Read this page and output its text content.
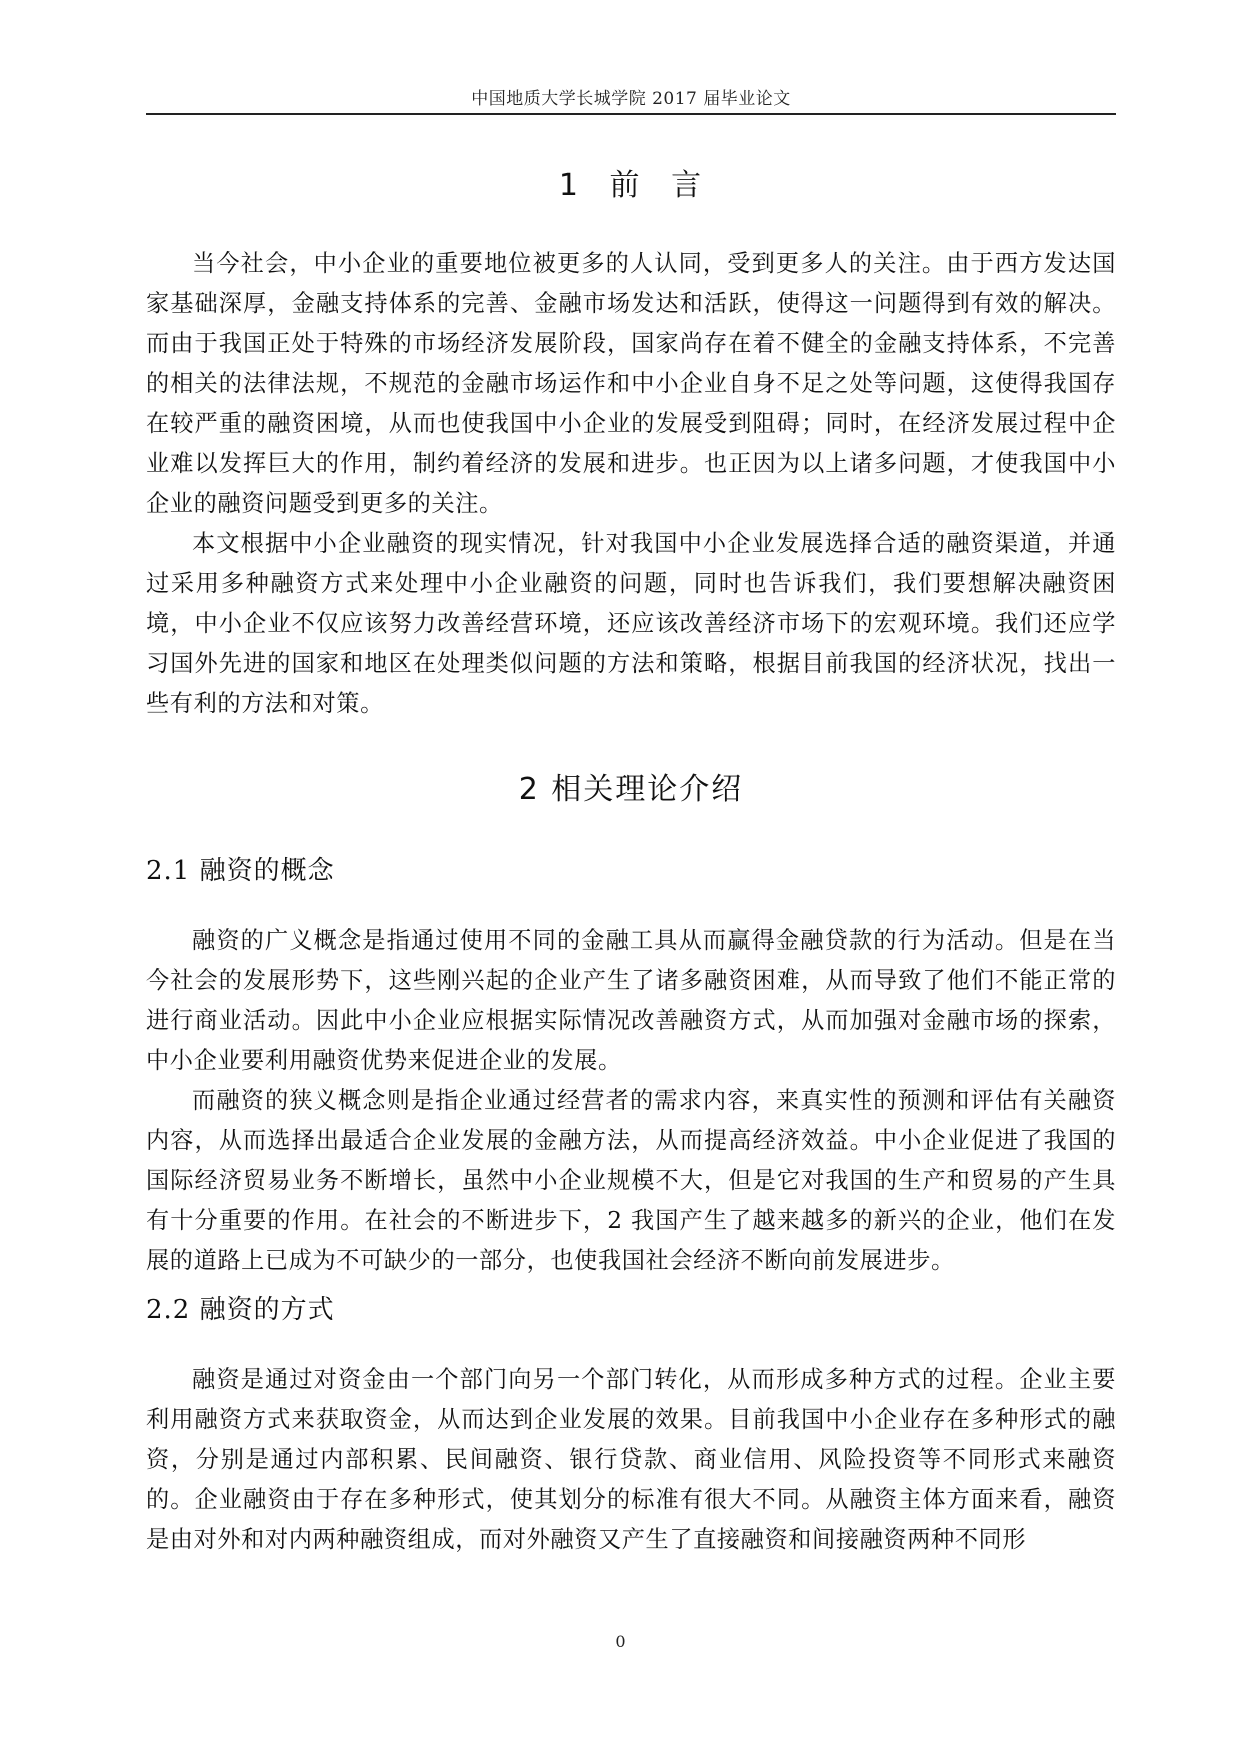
中国地质大学长城学院 2017 届毕业论文
1 前 言

当今社会，中小企业的重要地位被更多的人认同，受到更多人的关注。由于西方发达国家基础深厚，金融支持体系的完善、金融市场发达和活跃，使得这一问题得到有效的解决。而由于我国正处于特殊的市场经济发展阶段，国家尚存在着不健全的金融支持体系，不完善的相关的法律法规，不规范的金融市场运作和中小企业自身不足之处等问题，这使得我国存在较严重的融资困境，从而也使我国中小企业的发展受到阻碍；同时，在经济发展过程中企业难以发挥巨大的作用，制约着经济的发展和进步。也正因为以上诸多问题，才使我国中小企业的融资问题受到更多的关注。

本文根据中小企业融资的现实情况，针对我国中小企业发展选择合适的融资渠道，并通过采用多种融资方式来处理中小企业融资的问题，同时也告诉我们，我们要想解决融资困境，中小企业不仅应该努力改善经营环境，还应该改善经济市场下的宏观环境。我们还应学习国外先进的国家和地区在处理类似问题的方法和策略，根据目前我国的经济状况，找出一些有利的方法和对策。

2 相关理论介绍
2.1 融资的概念

融资的广义概念是指通过使用不同的金融工具从而赢得金融贷款的行为活动。但是在当今社会的发展形势下，这些刚兴起的企业产生了诸多融资困难，从而导致了他们不能正常的进行商业活动。因此中小企业应根据实际情况改善融资方式，从而加强对金融市场的探索，中小企业要利用融资优势来促进企业的发展。

而融资的狭义概念则是指企业通过经营者的需求内容，来真实性的预测和评估有关融资内容，从而选择出最适合企业发展的金融方法，从而提高经济效益。中小企业促进了我国的国际经济贸易业务不断增长，虽然中小企业规模不大，但是它对我国的生产和贸易的产生具有十分重要的作用。在社会的不断进步下，2 我国产生了越来越多的新兴的企业，他们在发展的道路上已成为不可缺少的一部分，也使我国社会经济不断向前发展进步。

2.2 融资的方式

融资是通过对资金由一个部门向另一个部门转化，从而形成多种方式的过程。企业主要利用融资方式来获取资金，从而达到企业发展的效果。目前我国中小企业存在多种形式的融资，分别是通过内部积累、民间融资、银行贷款、商业信用、风险投资等不同形式来融资的。企业融资由于存在多种形式，使其划分的标准有很大不同。从融资主体方面来看，融资是由对外和对内两种融资组成，而对外融资又产生了直接融资和间接融资两种不同形

0
